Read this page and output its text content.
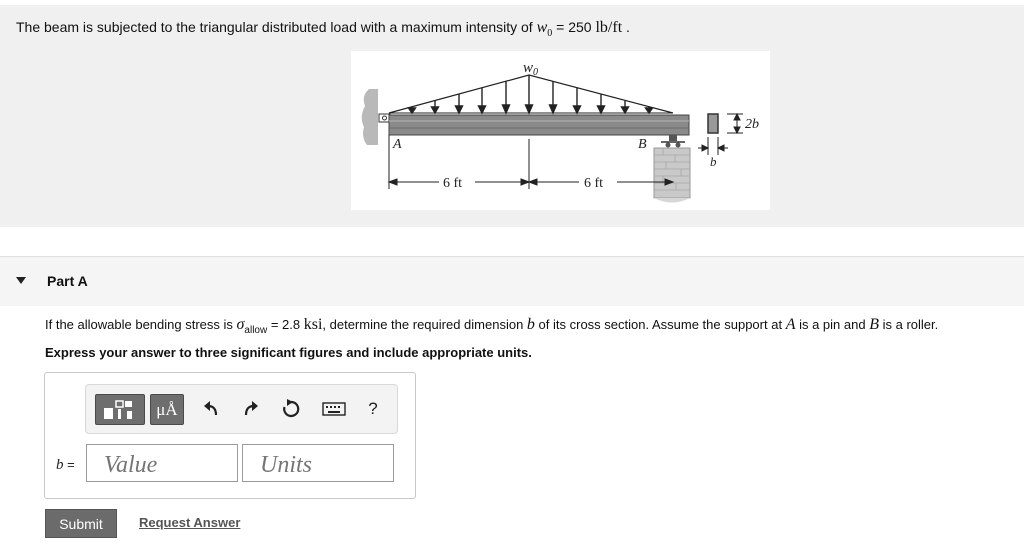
The beam is subjected to the triangular distributed load with a maximum intensity of $w_0 = 250$ lb/ft .
$w_0$
A	B
6 ft	6 ft
2b
b
Part A
If the allowable bending stress is $\sigma_{allow} = 2.8$ ksi, determine the required dimension b of its cross section. Assume the support at A is a pin and B is a roller.
Express your answer to three significant figures and include appropriate units.
μÅ	?
b =
Value
Units
Submit	Request Answer
